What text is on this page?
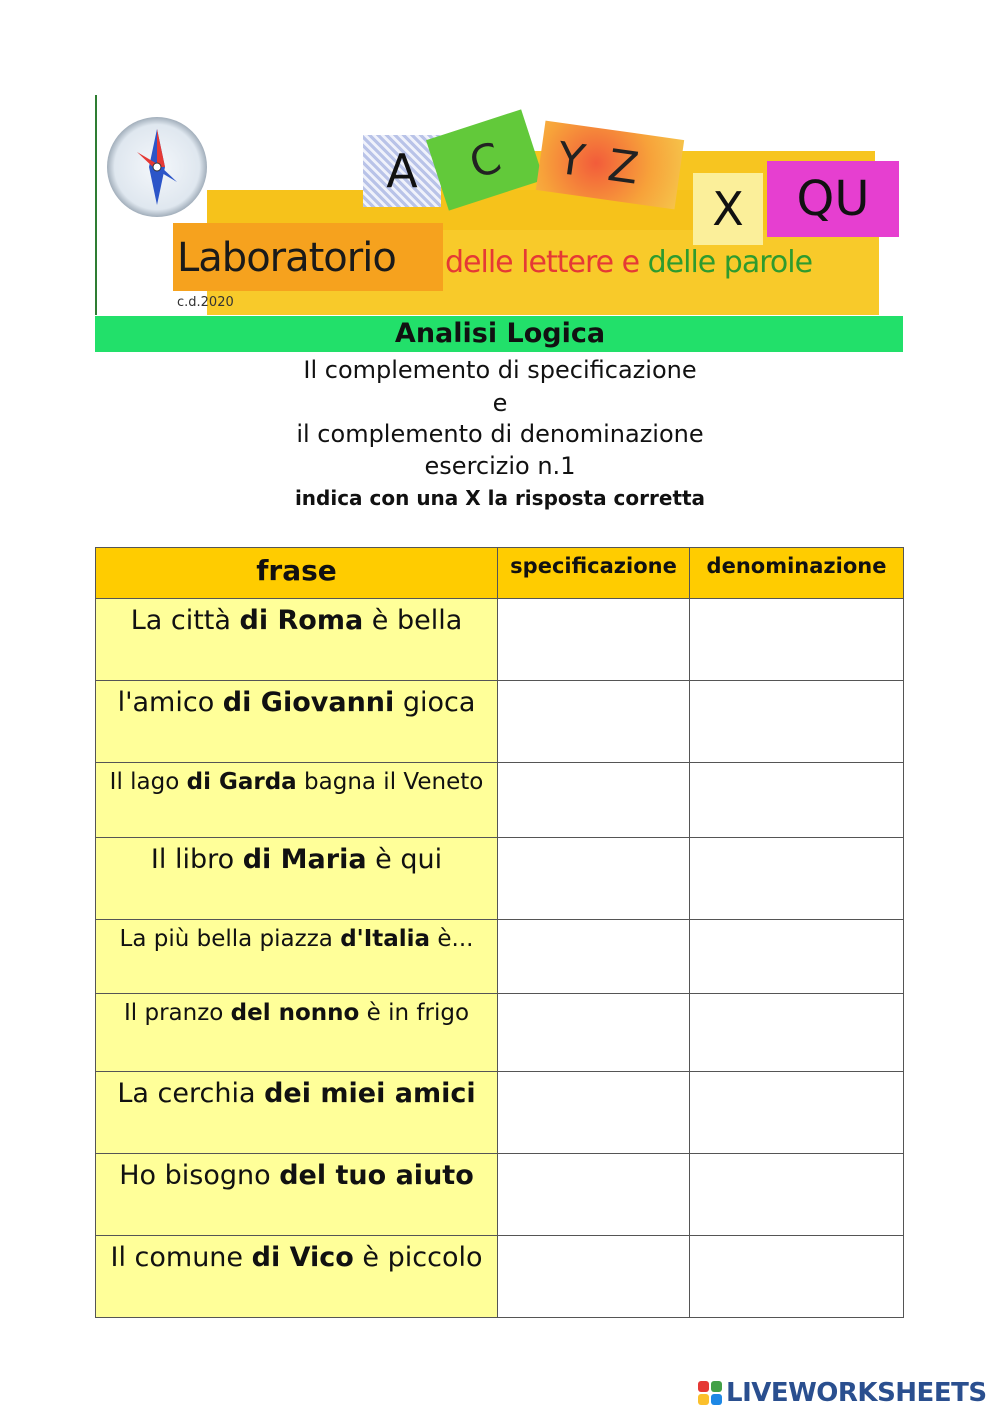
A	C	YZ
X	QU
Laboratorio delle lettere e delle parole
c.d.2020
Analisi Logica
Il complemento di specificazione
e
il complemento di denominazione
esercizio n.1
indica con una X la risposta corretta
frase	specificazione	denominazione
La città di Roma è bella		
l'amico di Giovanni gioca		
Il lago di Garda bagna il Veneto		
Il libro di Maria è qui		
La più bella piazza d'Italia è...		
Il pranzo del nonno è in frigo		
La cerchia dei miei amici		
Ho bisogno del tuo aiuto		
Il comune di Vico è piccolo		
LIVEWORKSHEETS
